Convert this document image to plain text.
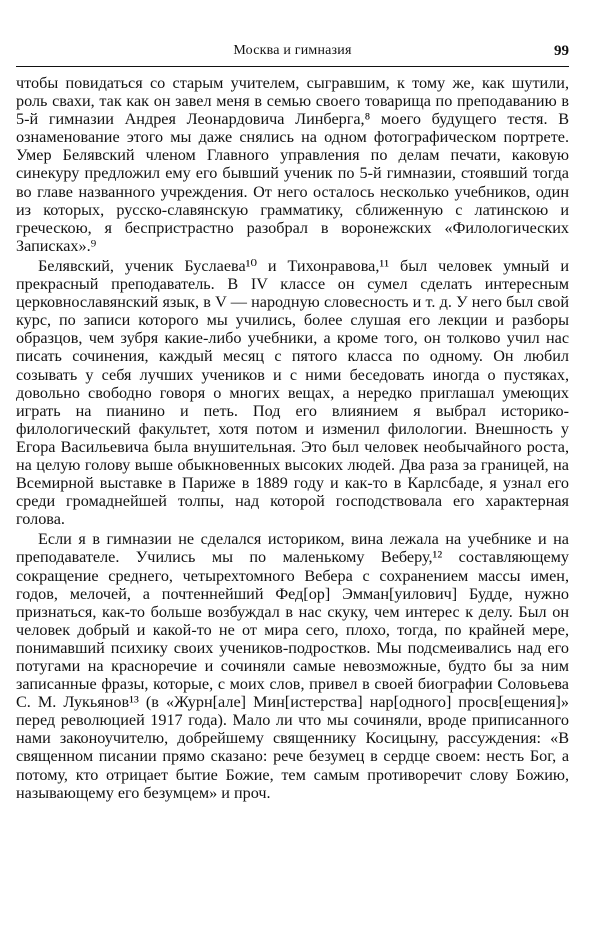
Москва и гимназия	99

чтобы повидаться со старым учителем, сыгравшим, к тому же, как шутили, роль свахи, так как он завел меня в семью своего товарища по преподаванию в 5-й гимназии Андрея Леонардовича Линберга,⁸ моего будущего тестя. В ознаменование этого мы даже снялись на одном фотографическом портрете. Умер Белявский членом Главного управления по делам печати, каковую синекуру предложил ему его бывший ученик по 5-й гимназии, стоявший тогда во главе названного учреждения. От него осталось несколько учебников, один из которых, русско-славянскую грамматику, сближенную с латинскою и греческою, я беспристрастно разобрал в воронежских «Филологических Записках».⁹

Белявский, ученик Буслаева¹⁰ и Тихонравова,¹¹ был человек умный и прекрасный преподаватель. В IV классе он сумел сделать интересным церковнославянский язык, в V — народную словесность и т. д. У него был свой курс, по записи которого мы учились, более слушая его лекции и разборы образцов, чем зубря какие-либо учебники, а кроме того, он толково учил нас писать сочинения, каждый месяц с пятого класса по одному. Он любил созывать у себя лучших учеников и с ними беседовать иногда о пустяках, довольно свободно говоря о многих вещах, а нередко приглашал умеющих играть на пианино и петь. Под его влиянием я выбрал историко-филологический факультет, хотя потом и изменил филологии. Внешность у Егора Васильевича была внушительная. Это был человек необычайного роста, на целую голову выше обыкновенных высоких людей. Два раза за границей, на Всемирной выставке в Париже в 1889 году и как-то в Карлсбаде, я узнал его среди громаднейшей толпы, над которой господствовала его характерная голова.

Если я в гимназии не сделался историком, вина лежала на учебнике и на преподавателе. Учились мы по маленькому Веберу,¹² составляющему сокращение среднего, четырехтомного Вебера с сохранением массы имен, годов, мелочей, а почтеннейший Фед[ор] Эмман[уилович] Будде, нужно признаться, как-то больше возбуждал в нас скуку, чем интерес к делу. Был он человек добрый и какой-то не от мира сего, плохо, тогда, по крайней мере, понимавший психику своих учеников-подростков. Мы подсмеивались над его потугами на красноречие и сочиняли самые невозможные, будто бы за ним записанные фразы, которые, с моих слов, привел в своей биографии Соловьева С. М. Лукьянов¹³ (в «Журн[але] Мин[истерства] нар[одного] просв[ещения]» перед революцией 1917 года). Мало ли что мы сочиняли, вроде приписанного нами законоучителю, добрейшему священнику Косицыну, рассуждения: «В священном писании прямо сказано: рече безумец в сердце своем: несть Бог, а потому, кто отрицает бытие Божие, тем самым противоречит слову Божию, называющему его безумцем» и проч.
